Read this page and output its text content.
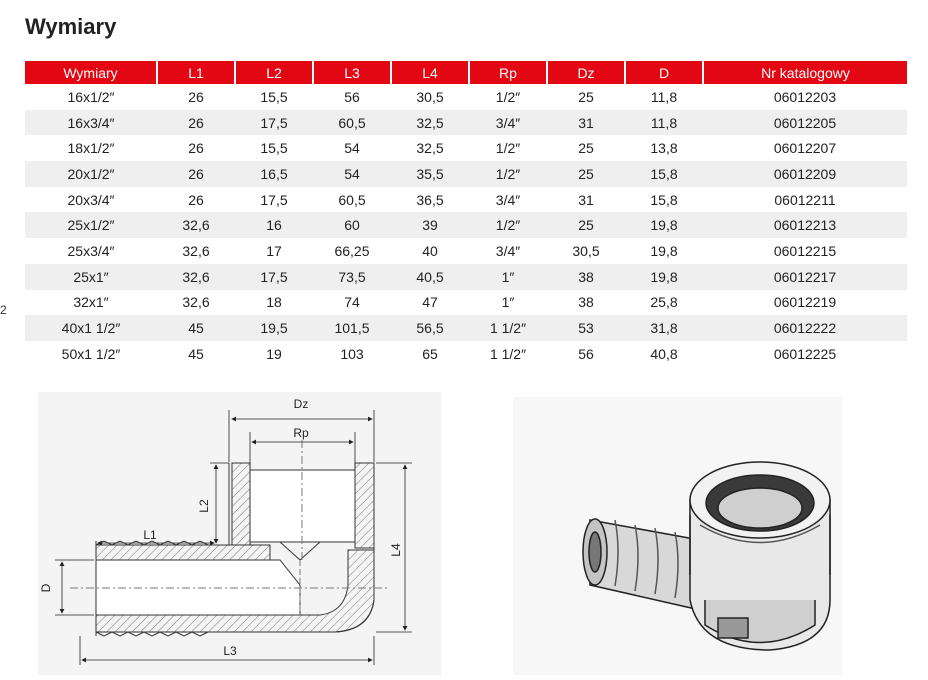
Wymiary
2
Wymiary	L1	L2	L3	L4	Rp	Dz	D	Nr katalogowy
16x1/2″	26	15,5	56	30,5	1/2″	25	11,8	06012203
16x3/4″	26	17,5	60,5	32,5	3/4″	31	11,8	06012205
18x1/2″	26	15,5	54	32,5	1/2″	25	13,8	06012207
20x1/2″	26	16,5	54	35,5	1/2″	25	15,8	06012209
20x3/4″	26	17,5	60,5	36,5	3/4″	31	15,8	06012211
25x1/2″	32,6	16	60	39	1/2″	25	19,8	06012213
25x3/4″	32,6	17	66,25	40	3/4″	30,5	19,8	06012215
25x1″	32,6	17,5	73,5	40,5	1″	38	19,8	06012217
32x1″	32,6	18	74	47	1″	38	25,8	06012219
40x1 1/2″	45	19,5	101,5	56,5	1 1/2″	53	31,8	06012222
50x1 1/2″	45	19	103	65	1 1/2″	56	40,8	06012225
Dz
Rp
L1
L2
L3
L4
D
